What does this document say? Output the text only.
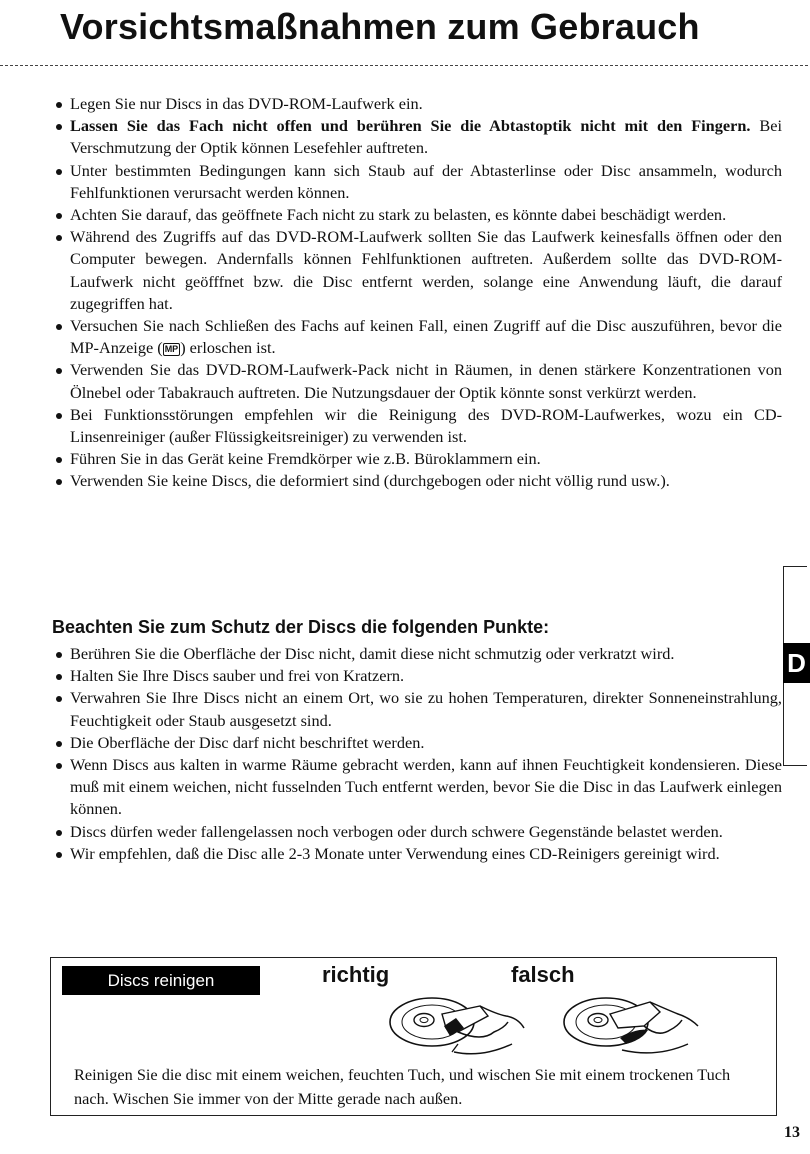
Vorsichtsmaßnahmen zum Gebrauch
Legen Sie nur Discs in das DVD-ROM-Laufwerk ein.
Lassen Sie das Fach nicht offen und berühren Sie die Abtastoptik nicht mit den Fingern. Bei Verschmutzung der Optik können Lesefehler auftreten.
Unter bestimmten Bedingungen kann sich Staub auf der Abtasterlinse oder Disc ansammeln, wodurch Fehlfunktionen verursacht werden können.
Achten Sie darauf, das geöffnete Fach nicht zu stark zu belasten, es könnte dabei beschädigt werden.
Während des Zugriffs auf das DVD-ROM-Laufwerk sollten Sie das Laufwerk keinesfalls öffnen oder den Computer bewegen. Andernfalls können Fehlfunktionen auftreten. Außerdem sollte das DVD-ROM-Laufwerk nicht geöfffnet bzw. die Disc entfernt werden, solange eine Anwendung läuft, die darauf zugegriffen hat.
Versuchen Sie nach Schließen des Fachs auf keinen Fall, einen Zugriff auf die Disc auszuführen, bevor die MP-Anzeige ( MP ) erloschen ist.
Verwenden Sie das DVD-ROM-Laufwerk-Pack nicht in Räumen, in denen stärkere Konzentrationen von Ölnebel oder Tabakrauch auftreten. Die Nutzungsdauer der Optik könnte sonst verkürzt werden.
Bei Funktionsstörungen empfehlen wir die Reinigung des DVD-ROM-Laufwerkes, wozu ein CD-Linsenreiniger (außer Flüssigkeitsreiniger) zu verwenden ist.
Führen Sie in das Gerät keine Fremdkörper wie z.B. Büroklammern ein.
Verwenden Sie keine Discs, die deformiert sind (durchgebogen oder nicht völlig rund usw.).
Beachten Sie zum Schutz der Discs die folgenden Punkte:
Berühren Sie die Oberfläche der Disc nicht, damit diese nicht schmutzig oder verkratzt wird.
Halten Sie Ihre Discs sauber und frei von Kratzern.
Verwahren Sie Ihre Discs nicht an einem Ort, wo sie zu hohen Temperaturen, direkter Sonneneinstrahlung, Feuchtigkeit oder Staub ausgesetzt sind.
Die Oberfläche der Disc darf nicht beschriftet werden.
Wenn Discs aus kalten in warme Räume gebracht werden, kann auf ihnen Feuchtigkeit kondensieren. Diese muß mit einem weichen, nicht fusselnden Tuch entfernt werden, bevor Sie die Disc in das Laufwerk einlegen können.
Discs dürfen weder fallengelassen noch verbogen oder durch schwere Gegenstände belastet werden.
Wir empfehlen, daß die Disc alle 2-3 Monate unter Verwendung eines CD-Reinigers gereinigt wird.
D
Discs reinigen	richtig	falsch
Reinigen Sie die disc mit einem weichen, feuchten Tuch, und wischen Sie mit einem trockenen Tuch nach. Wischen Sie immer von der Mitte gerade nach außen.
13
